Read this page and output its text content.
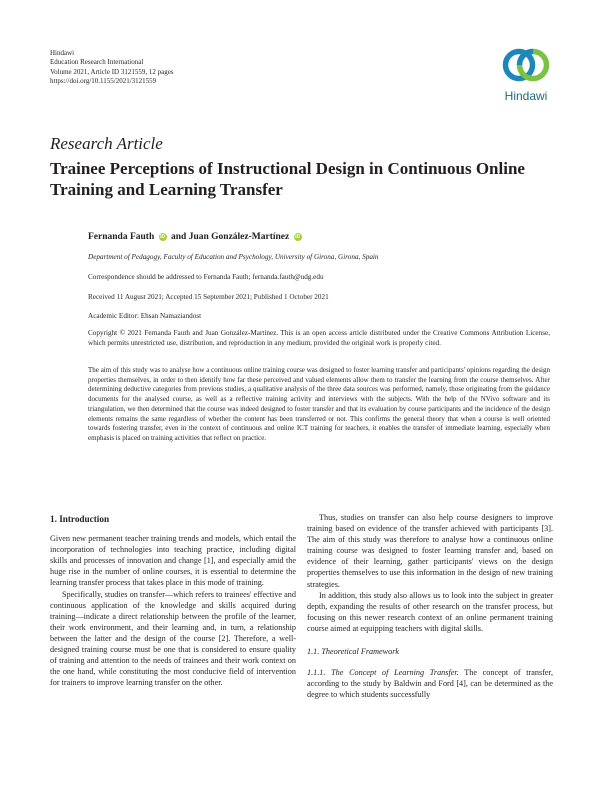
Hindawi
Education Research International
Volume 2021, Article ID 3121559, 12 pages
https://doi.org/10.1155/2021/3121559
Hindawi
Research Article
Trainee Perceptions of Instructional Design in Continuous Online Training and Learning Transfer
Fernanda Fauth iD and Juan González-Martínez iD
Department of Pedagogy, Faculty of Education and Psychology, University of Girona, Girona, Spain
Correspondence should be addressed to Fernanda Fauth; fernanda.fauth@udg.edu
Received 11 August 2021; Accepted 15 September 2021; Published 1 October 2021
Academic Editor: Ehsan Namaziandost
Copyright © 2021 Fernanda Fauth and Juan González-Martínez. This is an open access article distributed under the Creative Commons Attribution License, which permits unrestricted use, distribution, and reproduction in any medium, provided the original work is properly cited.
The aim of this study was to analyse how a continuous online training course was designed to foster learning transfer and participants' opinions regarding the design properties themselves, in order to then identify how far these perceived and valued elements allow them to transfer the learning from the course themselves. After determining deductive categories from previous studies, a qualitative analysis of the three data sources was performed, namely, those originating from the guidance documents for the analysed course, as well as a reflective training activity and interviews with the subjects. With the help of the NVivo software and its triangulation, we then determined that the course was indeed designed to foster transfer and that its evaluation by course participants and the incidence of the design elements remains the same regardless of whether the content has been transferred or not. This confirms the general theory that when a course is well oriented towards fostering transfer, even in the context of continuous and online ICT training for teachers, it enables the transfer of immediate learning, especially when emphasis is placed on training activities that reflect on practice.
1. Introduction

Given new permanent teacher training trends and models, which entail the incorporation of technologies into teaching practice, including digital skills and processes of innovation and change [1], and especially amid the huge rise in the number of online courses, it is essential to determine the learning transfer process that takes place in this mode of training.

Specifically, studies on transfer—which refers to trainees' effective and continuous application of the knowledge and skills acquired during training—indicate a direct relationship between the profile of the learner, their work environment, and their learning and, in turn, a relationship between the latter and the design of the course [2]. Therefore, a well-designed training course must be one that is considered to ensure quality of training and attention to the needs of trainees and their work context on the one hand, while constituting the most conducive field of intervention for trainers to improve learning transfer on the other.

Thus, studies on transfer can also help course designers to improve training based on evidence of the transfer achieved with participants [3]. The aim of this study was therefore to analyse how a continuous online training course was designed to foster learning transfer and, based on evidence of their learning, gather participants' views on the design properties themselves to use this information in the design of new training strategies.

In addition, this study also allows us to look into the subject in greater depth, expanding the results of other research on the transfer process, but focusing on this newer research context of an online permanent training course aimed at equipping teachers with digital skills.

1.1. Theoretical Framework

1.1.1. The Concept of Learning Transfer. The concept of transfer, according to the study by Baldwin and Ford [4], can be determined as the degree to which students successfully
